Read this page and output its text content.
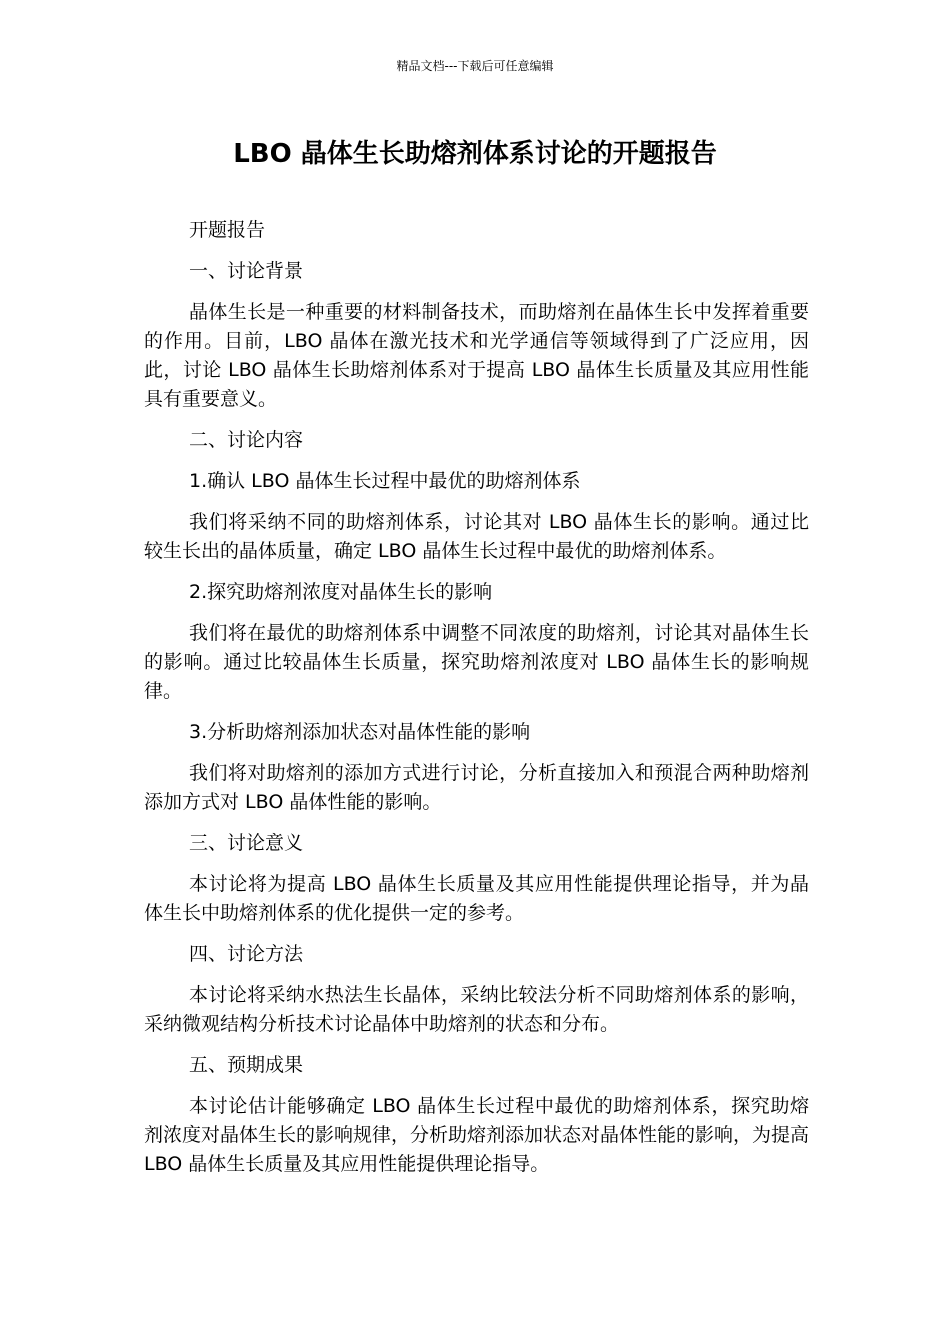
精品文档---下载后可任意编辑
LBO 晶体生长助熔剂体系讨论的开题报告

开题报告

一、讨论背景

晶体生长是一种重要的材料制备技术，而助熔剂在晶体生长中发挥着重要的作用。目前，LBO 晶体在激光技术和光学通信等领域得到了广泛应用，因此，讨论 LBO 晶体生长助熔剂体系对于提高 LBO 晶体生长质量及其应用性能具有重要意义。

二、讨论内容

1.确认 LBO 晶体生长过程中最优的助熔剂体系

我们将采纳不同的助熔剂体系，讨论其对 LBO 晶体生长的影响。通过比较生长出的晶体质量，确定 LBO 晶体生长过程中最优的助熔剂体系。

2.探究助熔剂浓度对晶体生长的影响

我们将在最优的助熔剂体系中调整不同浓度的助熔剂，讨论其对晶体生长的影响。通过比较晶体生长质量，探究助熔剂浓度对 LBO 晶体生长的影响规律。

3.分析助熔剂添加状态对晶体性能的影响

我们将对助熔剂的添加方式进行讨论，分析直接加入和预混合两种助熔剂添加方式对 LBO 晶体性能的影响。

三、讨论意义

本讨论将为提高 LBO 晶体生长质量及其应用性能提供理论指导，并为晶体生长中助熔剂体系的优化提供一定的参考。

四、讨论方法

本讨论将采纳水热法生长晶体，采纳比较法分析不同助熔剂体系的影响，采纳微观结构分析技术讨论晶体中助熔剂的状态和分布。

五、预期成果

本讨论估计能够确定 LBO 晶体生长过程中最优的助熔剂体系，探究助熔剂浓度对晶体生长的影响规律，分析助熔剂添加状态对晶体性能的影响，为提高 LBO 晶体生长质量及其应用性能提供理论指导。
